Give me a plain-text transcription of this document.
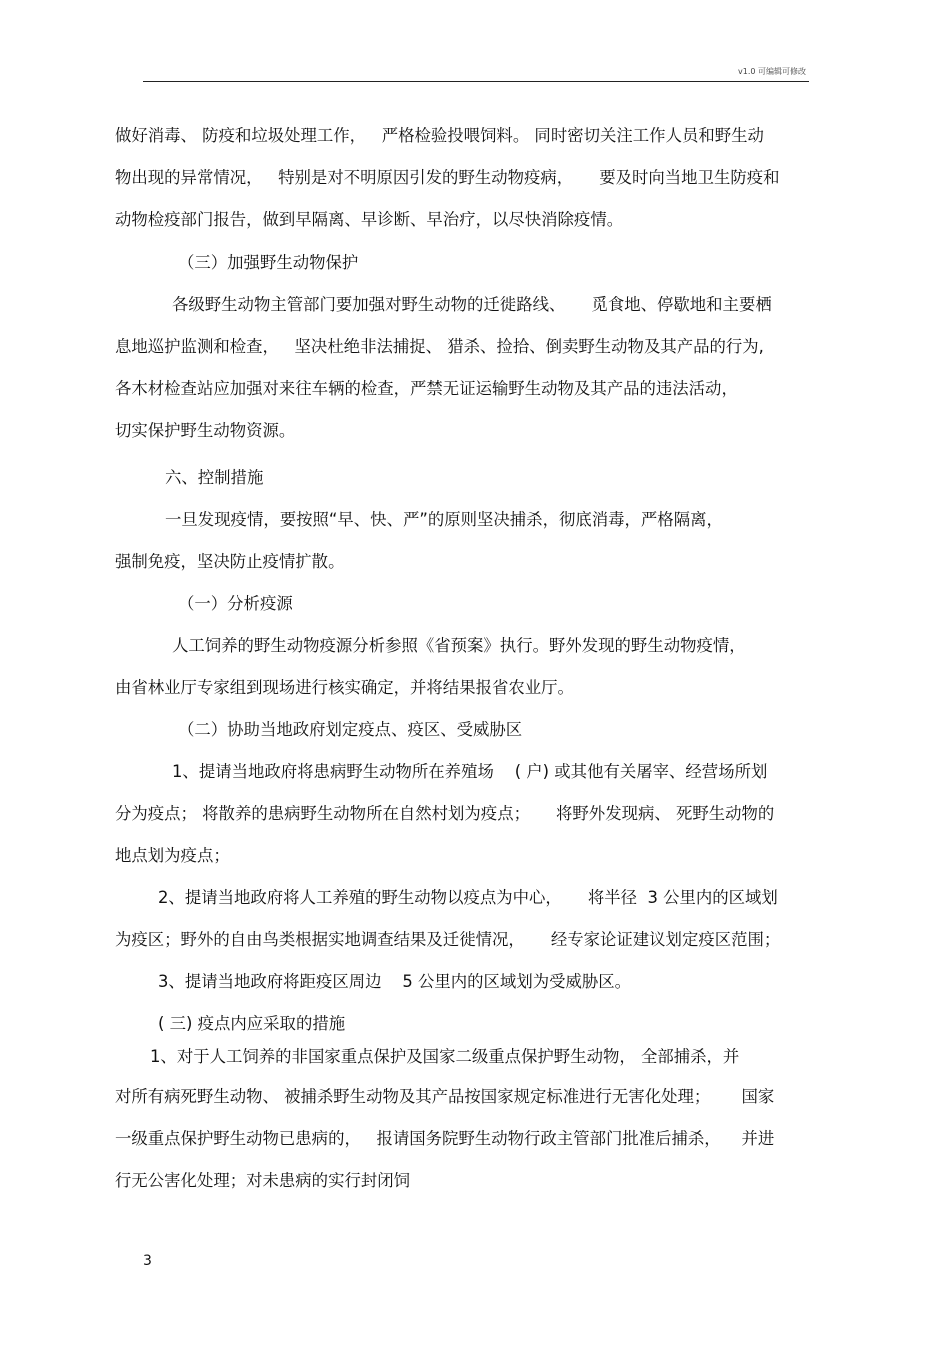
v1.0 可编辑可修改
做好消毒、 防疫和垃圾处理工作，   严格检验投喂饲料。 同时密切关注工作人员和野生动
物出现的异常情况，   特别是对不明原因引发的野生动物疫病，     要及时向当地卫生防疫和
动物检疫部门报告，做到早隔离、早诊断、早治疗，以尽快消除疫情。
（三）加强野生动物保护
各级野生动物主管部门要加强对野生动物的迁徙路线、     觅食地、停歇地和主要栖
息地巡护监测和检查，   坚决杜绝非法捕捉、 猎杀、捡拾、倒卖野生动物及其产品的行为,
各木材检查站应加强对来往车辆的检查，严禁无证运输野生动物及其产品的违法活动，
切实保护野生动物资源。
六、控制措施
一旦发现疫情，要按照“早、快、严”的原则坚决捕杀，彻底消毒，严格隔离，
强制免疫，坚决防止疫情扩散。
（一）分析疫源
人工饲养的野生动物疫源分析参照《省预案》执行。野外发现的野生动物疫情，
由省林业厅专家组到现场进行核实确定，并将结果报省农业厅。
（二）协助当地政府划定疫点、疫区、受威胁区
1、提请当地政府将患病野生动物所在养殖场    ( 户) 或其他有关屠宰、经营场所划
分为疫点； 将散养的患病野生动物所在自然村划为疫点；     将野外发现病、 死野生动物的
地点划为疫点；
2、提请当地政府将人工养殖的野生动物以疫点为中心，     将半径  3 公里内的区域划
为疫区；野外的自由鸟类根据实地调查结果及迁徙情况，     经专家论证建议划定疫区范围；
3、提请当地政府将距疫区周边    5 公里内的区域划为受威胁区。
( 三) 疫点内应采取的措施
1、对于人工饲养的非国家重点保护及国家二级重点保护野生动物， 全部捕杀，并
对所有病死野生动物、 被捕杀野生动物及其产品按国家规定标准进行无害化处理；      国家
一级重点保护野生动物已患病的，   报请国务院野生动物行政主管部门批准后捕杀，    并进
行无公害化处理；对未患病的实行封闭饲
3
